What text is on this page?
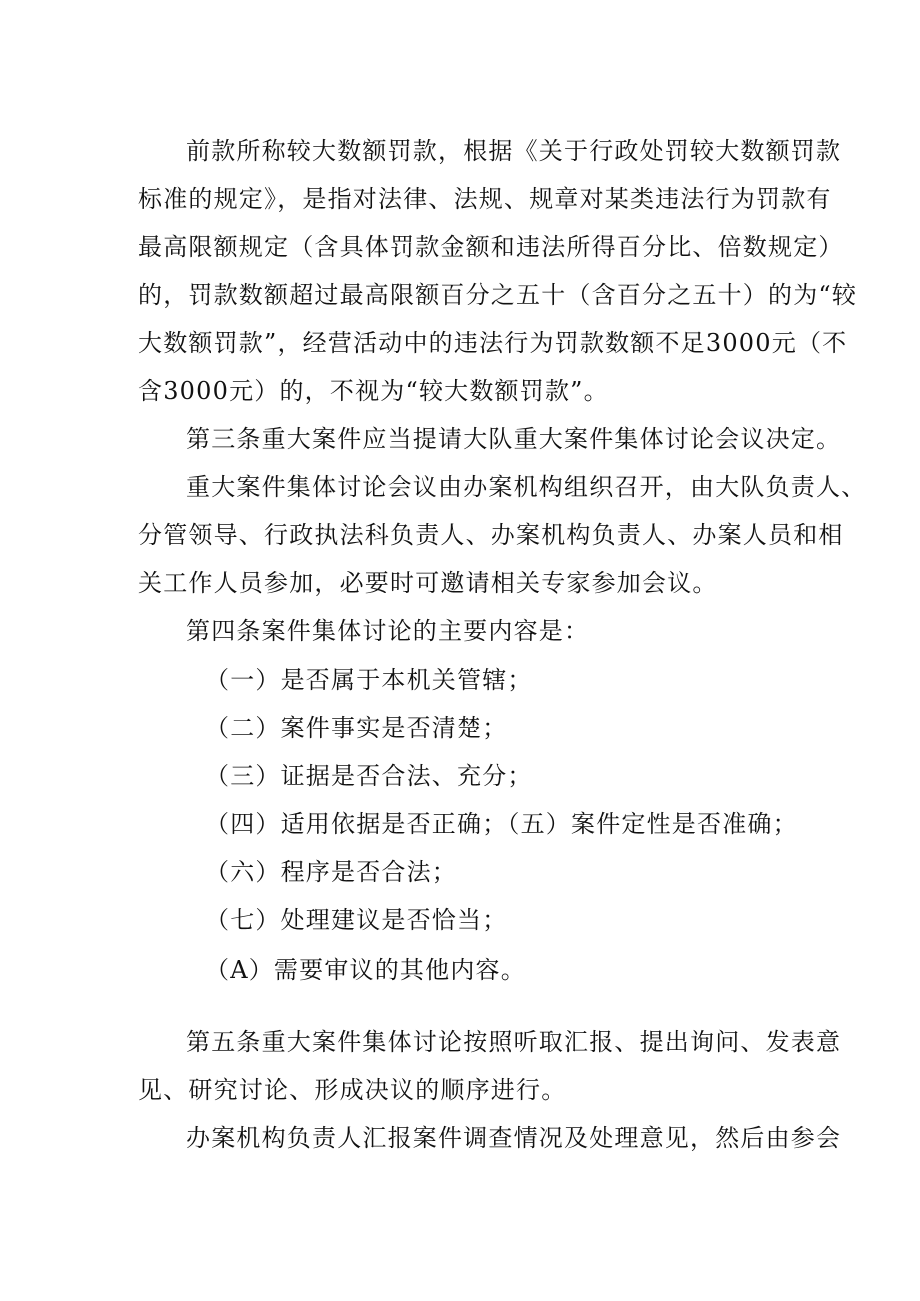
前款所称较大数额罚款，根据《关于行政处罚较大数额罚款
标准的规定》，是指对法律、法规、规章对某类违法行为罚款有
最高限额规定（含具体罚款金额和违法所得百分比、倍数规定）
的，罚款数额超过最高限额百分之五十（含百分之五十）的为“较
大数额罚款”，经营活动中的违法行为罚款数额不足3000元（不
含3000元）的，不视为“较大数额罚款”。
第三条重大案件应当提请大队重大案件集体讨论会议决定。
重大案件集体讨论会议由办案机构组织召开，由大队负责人、
分管领导、行政执法科负责人、办案机构负责人、办案人员和相
关工作人员参加，必要时可邀请相关专家参加会议。
第四条案件集体讨论的主要内容是：
（一）是否属于本机关管辖；
（二）案件事实是否清楚；
（三）证据是否合法、充分；
（四）适用依据是否正确；（五）案件定性是否准确；
（六）程序是否合法；
（七）处理建议是否恰当；
（A）需要审议的其他内容。
第五条重大案件集体讨论按照听取汇报、提出询问、发表意
见、研究讨论、形成决议的顺序进行。
办案机构负责人汇报案件调查情况及处理意见，然后由参会
